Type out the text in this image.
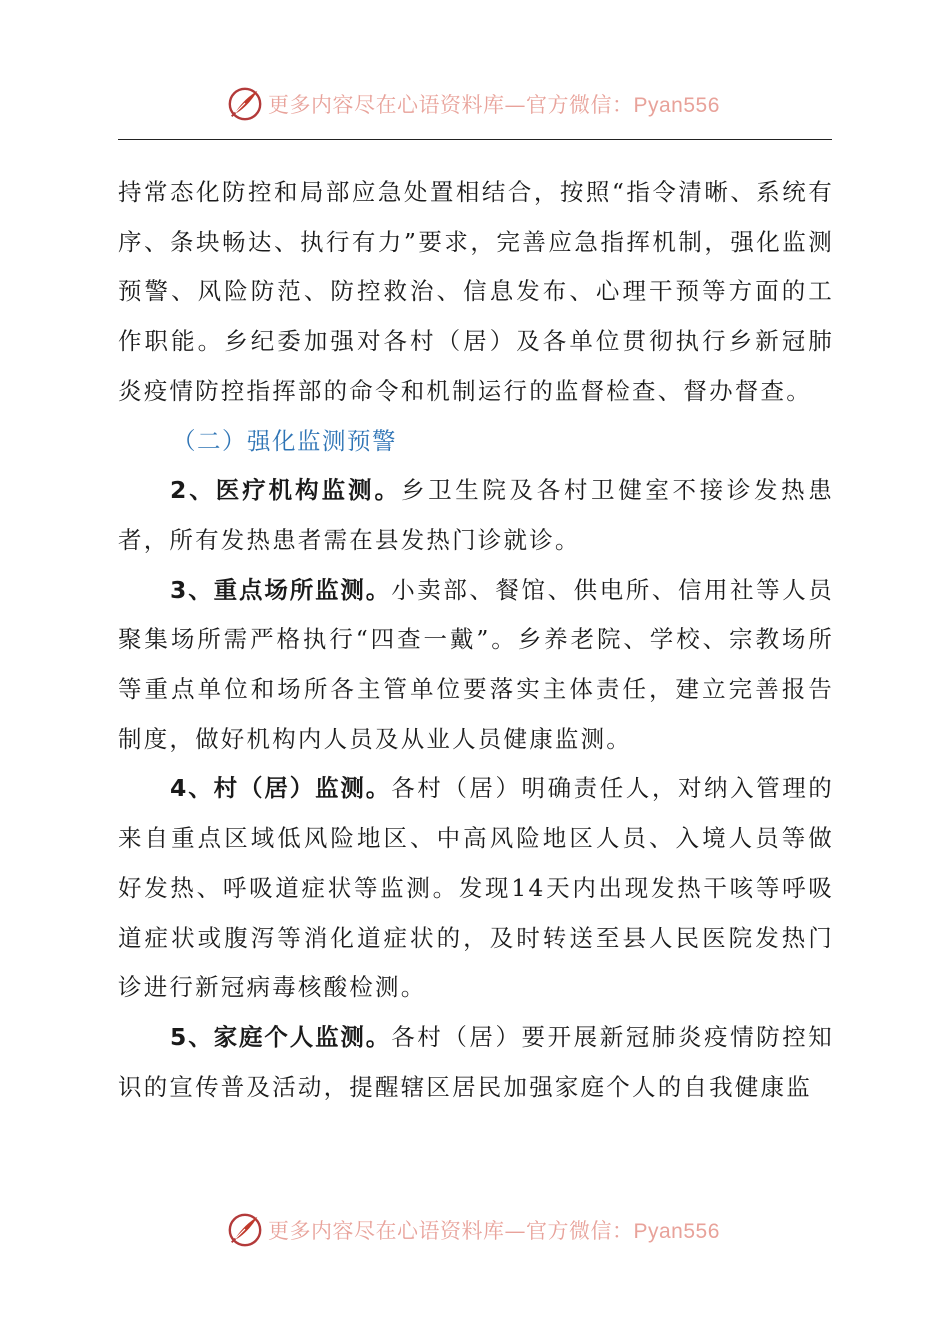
更多内容尽在心语资料库—官方微信：Pyan556

持常态化防控和局部应急处置相结合，按照“指令清晰、系统有序、条块畅达、执行有力”要求，完善应急指挥机制，强化监测预警、风险防范、防控救治、信息发布、心理干预等方面的工作职能。乡纪委加强对各村（居）及各单位贯彻执行乡新冠肺炎疫情防控指挥部的命令和机制运行的监督检查、督办督查。

（二）强化监测预警

2、医疗机构监测。乡卫生院及各村卫健室不接诊发热患者，所有发热患者需在县发热门诊就诊。

3、重点场所监测。小卖部、餐馆、供电所、信用社等人员聚集场所需严格执行“四查一戴”。乡养老院、学校、宗教场所等重点单位和场所各主管单位要落实主体责任，建立完善报告制度，做好机构内人员及从业人员健康监测。

4、村（居）监测。各村（居）明确责任人，对纳入管理的来自重点区域低风险地区、中高风险地区人员、入境人员等做好发热、呼吸道症状等监测。发现14天内出现发热干咳等呼吸道症状或腹泻等消化道症状的，及时转送至县人民医院发热门诊进行新冠病毒核酸检测。

5、家庭个人监测。各村（居）要开展新冠肺炎疫情防控知识的宣传普及活动，提醒辖区居民加强家庭个人的自我健康监

更多内容尽在心语资料库—官方微信：Pyan556
